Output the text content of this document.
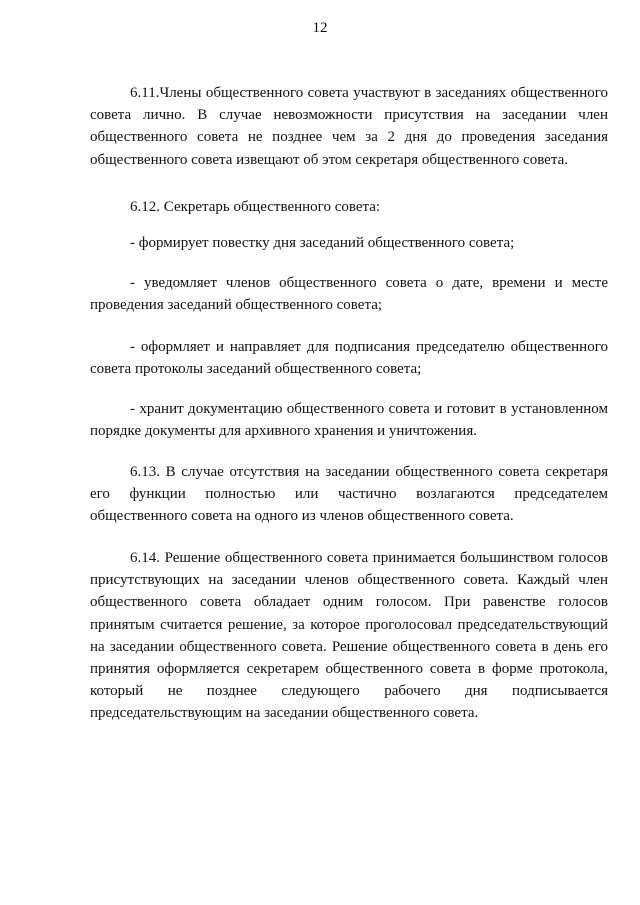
12
6.11.Члены общественного совета участвуют в заседаниях общественного
совета лично. В случае невозможности присутствия на заседании член
общественного совета не позднее чем за 2 дня до проведения заседания
общественного совета извещают об этом секретаря общественного совета.
6.12. Секретарь общественного совета:
- формирует повестку дня заседаний общественного совета;
- уведомляет членов общественного совета о дате, времени и месте
проведения заседаний общественного совета;
- оформляет и направляет для подписания председателю общественного
совета протоколы заседаний общественного совета;
- хранит документацию общественного совета и готовит в установленном
порядке документы для архивного хранения и уничтожения.
6.13. В случае отсутствия на заседании общественного совета секретаря
его функции полностью или частично возлагаются председателем
общественного совета на одного из членов общественного совета.
6.14. Решение общественного совета принимается большинством голосов
присутствующих на заседании членов общественного совета. Каждый член
общественного совета обладает одним голосом. При равенстве голосов
принятым считается решение, за которое проголосовал председательствующий
на заседании общественного совета. Решение общественного совета в день его
принятия оформляется секретарем общественного совета в форме протокола,
который не позднее следующего рабочего дня подписывается
председательствующим на заседании общественного совета.
